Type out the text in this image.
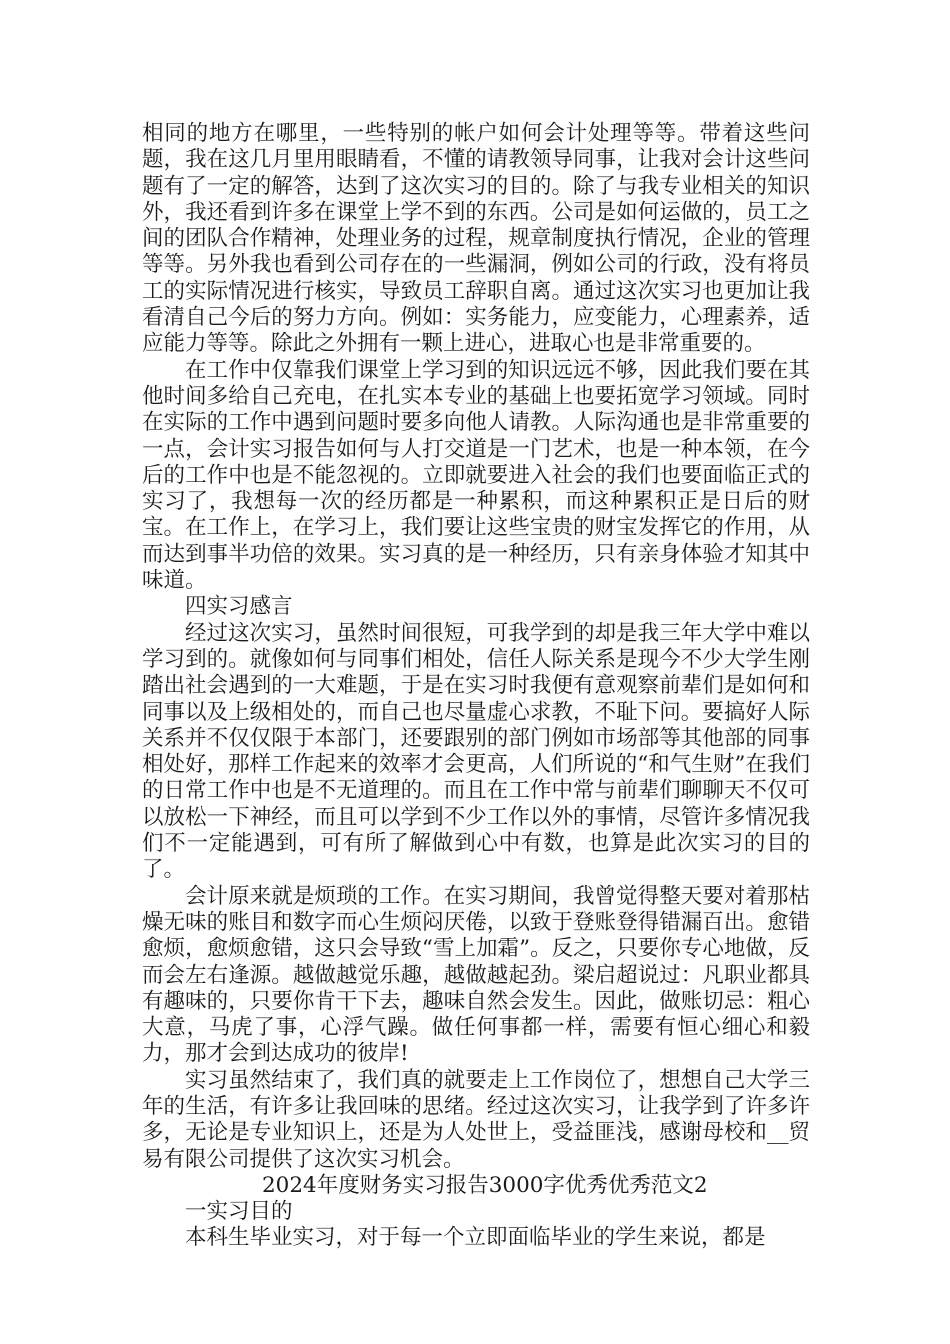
相同的地方在哪里，一些特别的帐户如何会计处理等等。带着这些问题，我在这几月里用眼睛看，不懂的请教领导同事，让我对会计这些问题有了一定的解答，达到了这次实习的目的。除了与我专业相关的知识外，我还看到许多在课堂上学不到的东西。公司是如何运做的，员工之间的团队合作精神，处理业务的过程，规章制度执行情况，企业的管理等等。另外我也看到公司存在的一些漏洞，例如公司的行政，没有将员工的实际情况进行核实，导致员工辞职自离。通过这次实习也更加让我看清自己今后的努力方向。例如：实务能力，应变能力，心理素养，适应能力等等。除此之外拥有一颗上进心，进取心也是非常重要的。

在工作中仅靠我们课堂上学习到的知识远远不够，因此我们要在其他时间多给自己充电，在扎实本专业的基础上也要拓宽学习领域。同时在实际的工作中遇到问题时要多向他人请教。人际沟通也是非常重要的一点，会计实习报告如何与人打交道是一门艺术，也是一种本领，在今后的工作中也是不能忽视的。立即就要进入社会的我们也要面临正式的实习了，我想每一次的经历都是一种累积，而这种累积正是日后的财宝。在工作上，在学习上，我们要让这些宝贵的财宝发挥它的作用，从而达到事半功倍的效果。实习真的是一种经历，只有亲身体验才知其中味道。

四实习感言

经过这次实习，虽然时间很短，可我学到的却是我三年大学中难以学习到的。就像如何与同事们相处，信任人际关系是现今不少大学生刚踏出社会遇到的一大难题，于是在实习时我便有意观察前辈们是如何和同事以及上级相处的，而自己也尽量虚心求教，不耻下问。要搞好人际关系并不仅仅限于本部门，还要跟别的部门例如市场部等其他部的同事相处好，那样工作起来的效率才会更高，人们所说的“和气生财”在我们的日常工作中也是不无道理的。而且在工作中常与前辈们聊聊天不仅可以放松一下神经，而且可以学到不少工作以外的事情，尽管许多情况我们不一定能遇到，可有所了解做到心中有数，也算是此次实习的目的了。

会计原来就是烦琐的工作。在实习期间，我曾觉得整天要对着那枯燥无味的账目和数字而心生烦闷厌倦，以致于登账登得错漏百出。愈错愈烦，愈烦愈错，这只会导致“雪上加霜”。反之，只要你专心地做，反而会左右逢源。越做越觉乐趣，越做越起劲。梁启超说过：凡职业都具有趣味的，只要你肯干下去，趣味自然会发生。因此，做账切忌：粗心大意，马虎了事，心浮气躁。做任何事都一样，需要有恒心细心和毅力，那才会到达成功的彼岸!

实习虽然结束了，我们真的就要走上工作岗位了，想想自己大学三年的生活，有许多让我回味的思绪。经过这次实习，让我学到了许多许多，无论是专业知识上，还是为人处世上，受益匪浅，感谢母校和__贸易有限公司提供了这次实习机会。

2024年度财务实习报告3000字优秀优秀范文2

一实习目的

本科生毕业实习，对于每一个立即面临毕业的学生来说，都是
